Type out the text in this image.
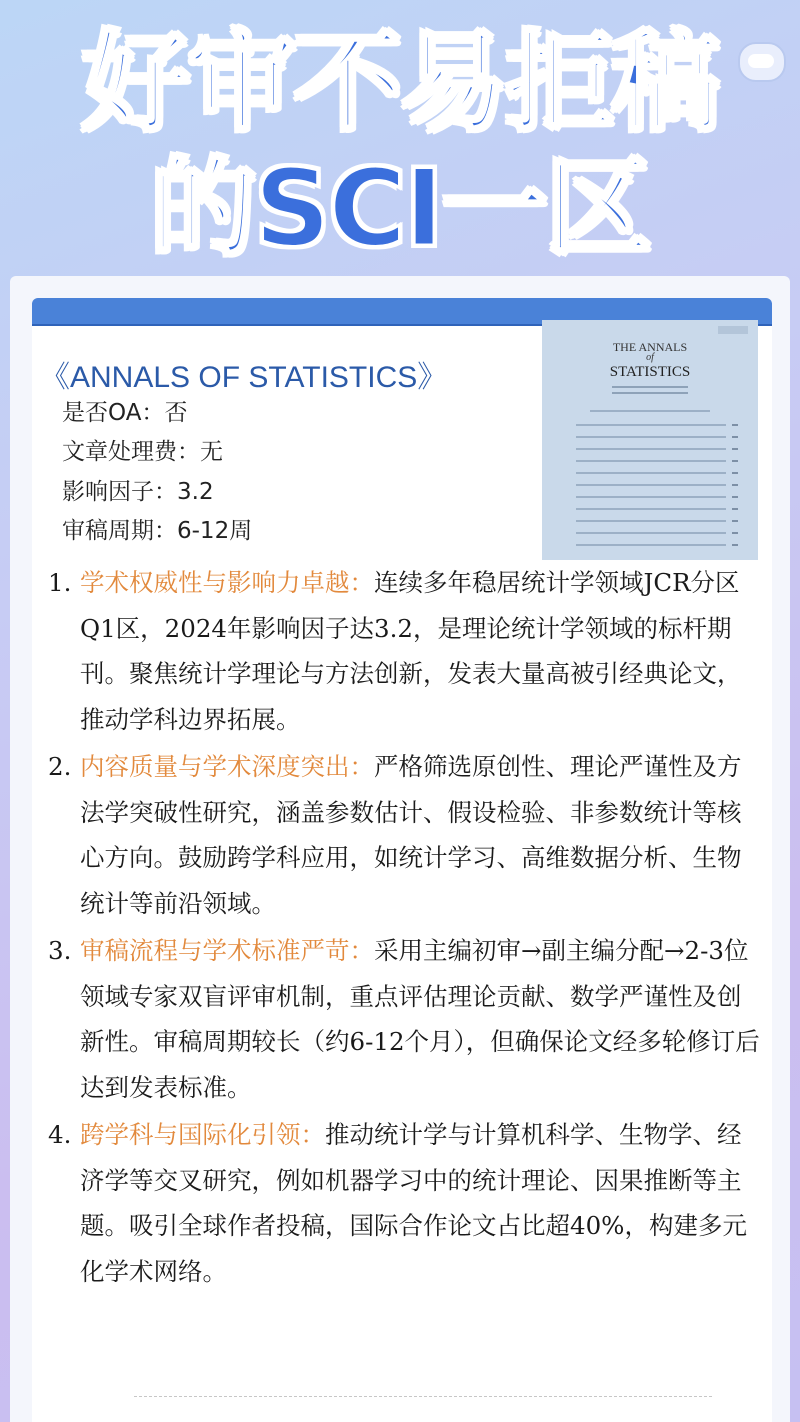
好审不易拒稿
的SCI一区
《ANNALS OF STATISTICS》
是否OA：否
文章处理费：无
影响因子：3.2
审稿周期：6-12周
THE ANNALS
of
STATISTICS
1. 学术权威性与影响力卓越：连续多年稳居统计学领域JCR分区Q1区，2024年影响因子达3.2，是理论统计学领域的标杆期刊。聚焦统计学理论与方法创新，发表大量高被引经典论文，推动学科边界拓展。
2. 内容质量与学术深度突出：严格筛选原创性、理论严谨性及方法学突破性研究，涵盖参数估计、假设检验、非参数统计等核心方向。鼓励跨学科应用，如统计学习、高维数据分析、生物统计等前沿领域。
3. 审稿流程与学术标准严苛：采用主编初审→副主编分配→2-3位领域专家双盲评审机制，重点评估理论贡献、数学严谨性及创新性。审稿周期较长（约6-12个月），但确保论文经多轮修订后达到发表标准。
4. 跨学科与国际化引领：推动统计学与计算机科学、生物学、经济学等交叉研究，例如机器学习中的统计理论、因果推断等主题。吸引全球作者投稿，国际合作论文占比超40%，构建多元化学术网络。
